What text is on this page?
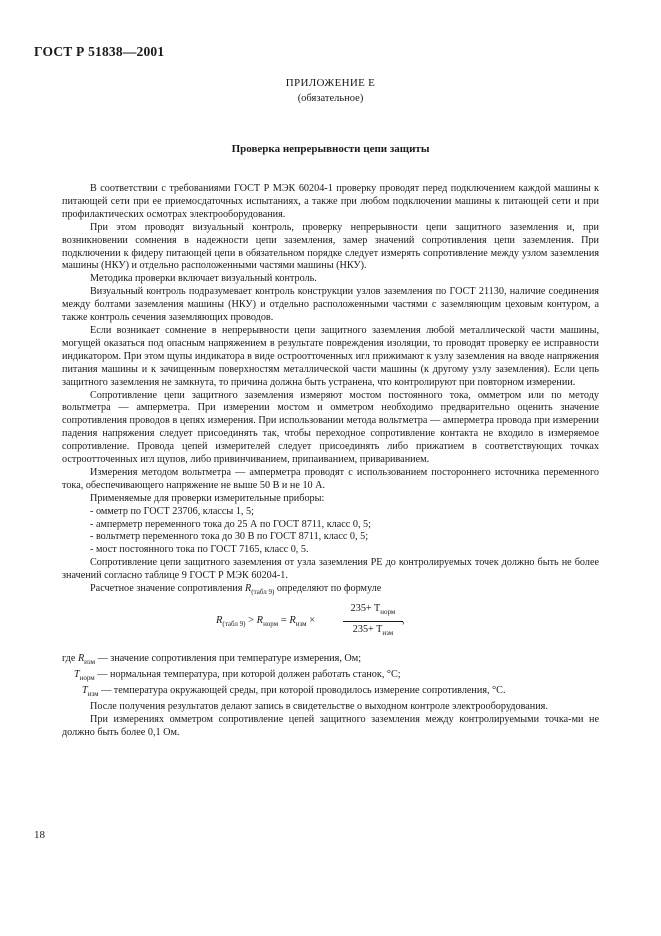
ГОСТ Р 51838—2001
ПРИЛОЖЕНИЕ Е
(обязательное)
Проверка непрерывности цепи защиты

В соответствии с требованиями ГОСТ Р МЭК 60204-1 проверку проводят перед подключением каждой машины к питающей сети при ее приемосдаточных испытаниях, а также при любом подключении машины к питающей сети и при профилактических осмотрах электрооборудования.

При этом проводят визуальный контроль, проверку непрерывности цепи защитного заземления и, при возникновении сомнения в надежности цепи заземления, замер значений сопротивления цепи заземления. При подключении к фидеру питающей цепи в обязательном порядке следует измерять сопротивление между узлом заземления машины (НКУ) и отдельно расположенными частями машины (НКУ).

Методика проверки включает визуальный контроль.

Визуальный контроль подразумевает контроль конструкции узлов заземления по ГОСТ 21130, наличие соединения между болтами заземления машины (НКУ) и отдельно расположенными частями с заземляющим цеховым контуром, а также контроль сечения заземляющих проводов.

Если возникает сомнение в непрерывности цепи защитного заземления любой металлической части машины, могущей оказаться под опасным напряжением в результате повреждения изоляции, то проводят проверку ее исправности индикатором. При этом щупы индикатора в виде остроотточенных игл прижимают к узлу заземления на вводе напряжения питания машины и к зачищенным поверхностям металлической части машины (к другому узлу заземления). Если цепь защитного заземления не замкнута, то причина должна быть устранена, что контролируют при повторном измерении.

Сопротивление цепи защитного заземления измеряют мостом постоянного тока, омметром или по методу вольтметра — амперметра. При измерении мостом и омметром необходимо предварительно оценить значение сопротивления проводов в цепях измерения. При использовании метода вольтметра — амперметра провода при измерении падения напряжения следует присоединять так, чтобы переходное сопротивление контакта не входило в измеряемое сопротивление. Провода цепей измерителей следует присоединять либо прижатием в соответствующих точках остроотточенных игл щупов, либо привинчиванием, припаиванием, привариванием.

Измерения методом вольтметра — амперметра проводят с использованием постороннего источника переменного тока, обеспечивающего напряжение не выше 50 В и не 10 А.

Применяемые для проверки измерительные приборы:

- омметр по ГОСТ 23706, классы 1, 5;

- амперметр переменного тока до 25 А по ГОСТ 8711, класс 0, 5;

- вольтметр переменного тока до 30 В по ГОСТ 8711, класс 0, 5;

- мост постоянного тока по ГОСТ 7165, класс 0, 5.

Сопротивление цепи защитного заземления от узла заземления РЕ до контролируемых точек должно быть не более значений согласно таблице 9 ГОСТ Р МЭК 60204-1.

Расчетное значение сопротивления $R_{(табл 9)}$ определяют по формуле

$R_{(табл 9)} > R_{норм} = R_{изм}$ ×
$235+ T_{норм}$
$235+ T_{изм}$
,

где $R_{изм}$ — значение сопротивления при температуре измерения, Ом;

$T_{норм}$ — нормальная температура, при которой должен работать станок, °С;

$T_{изм}$ — температура окружающей среды, при которой проводилось измерение сопротивления, °С.

После получения результатов делают запись в свидетельстве о выходном контроле электрооборудования.

При измерениях омметром сопротивление цепей защитного заземления между контролируемыми точка-ми не должно быть более 0,1 Ом.

18
